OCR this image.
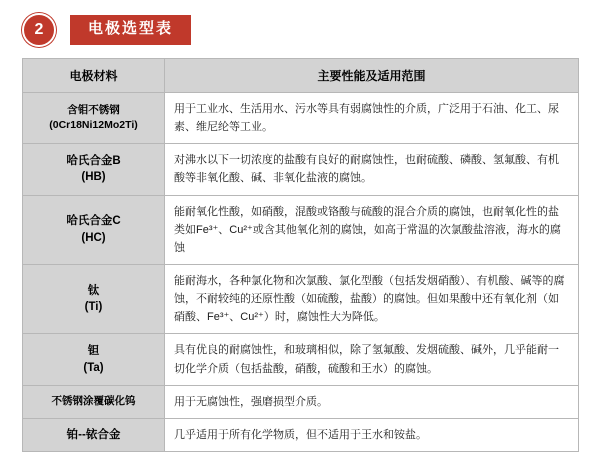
2	电极选型表
电极材料	主要性能及适用范围

含钼不锈钢
(0Cr18Ni12Mo2Ti)	用于工业水、生活用水、污水等具有弱腐蚀性的介质，广泛用于石油、化工、尿素、维尼纶等工业。

哈氏合金B
(HB)	对沸水以下一切浓度的盐酸有良好的耐腐蚀性，也耐硫酸、磷酸、氢氟酸、有机酸等非氧化酸、碱、非氧化盐液的腐蚀。

哈氏合金C
(HC)	能耐氧化性酸，如硝酸，混酸或铬酸与硫酸的混合介质的腐蚀，也耐氧化性的盐类如Fe³⁺、Cu²⁺或含其他氧化剂的腐蚀，如高于常温的次氯酸盐溶液，海水的腐蚀

钛
(Ti)	能耐海水，各种氯化物和次氯酸、氯化型酸（包括发烟硝酸）、有机酸、碱等的腐蚀，不耐较纯的还原性酸（如硫酸，盐酸）的腐蚀。但如果酸中还有氧化剂（如硝酸、Fe³⁺、Cu²⁺）时，腐蚀性大为降低。

钽
(Ta)	具有优良的耐腐蚀性，和玻璃相似，除了氢氟酸、发烟硫酸、碱外，几乎能耐一切化学介质（包括盐酸，硝酸，硫酸和王水）的腐蚀。

不锈钢涂覆碳化钨	用于无腐蚀性，强磨损型介质。

铂--铱合金	几乎适用于所有化学物质，但不适用于王水和铵盐。
